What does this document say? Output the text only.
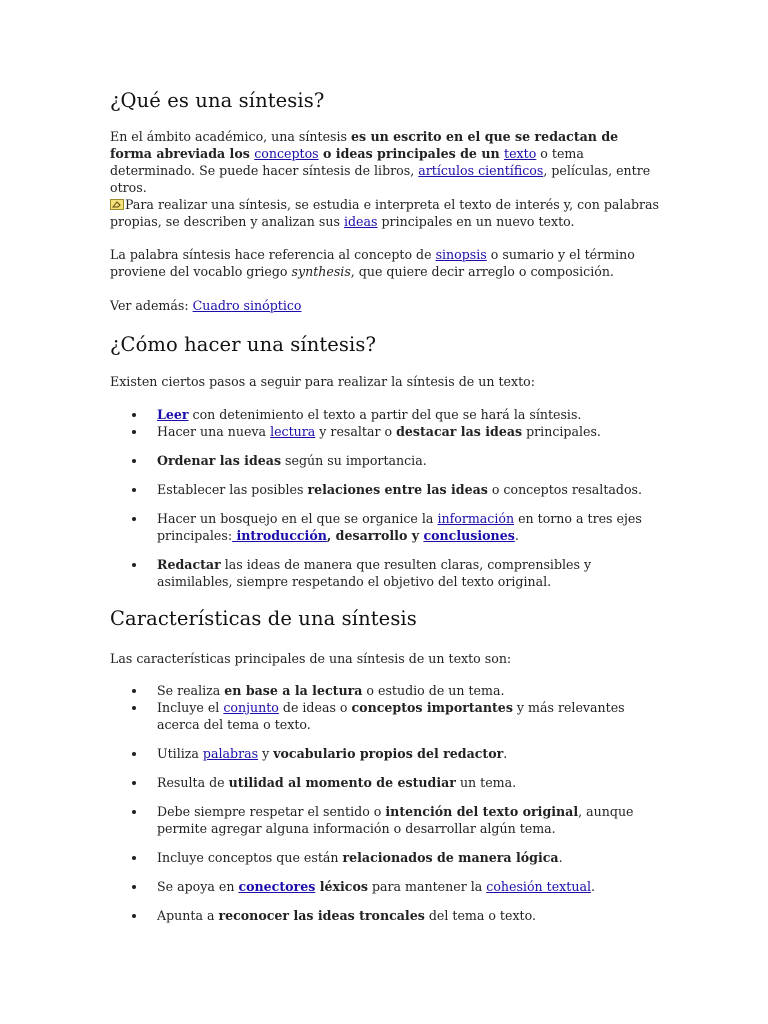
¿Qué es una síntesis?

En el ámbito académico, una síntesis es un escrito en el que se redactan de forma abreviada los conceptos o ideas principales de un texto o tema determinado. Se puede hacer síntesis de libros, artículos científicos, películas, entre otros.

Para realizar una síntesis, se estudia e interpreta el texto de interés y, con palabras propias, se describen y analizan sus ideas principales en un nuevo texto.

La palabra síntesis hace referencia al concepto de sinopsis o sumario y el término proviene del vocablo griego synthesis, que quiere decir arreglo o composición.

Ver además: Cuadro sinóptico

¿Cómo hacer una síntesis?

Existen ciertos pasos a seguir para realizar la síntesis de un texto:

Leer con detenimiento el texto a partir del que se hará la síntesis.
Hacer una nueva lectura y resaltar o destacar las ideas principales.
Ordenar las ideas según su importancia.
Establecer las posibles relaciones entre las ideas o conceptos resaltados.
Hacer un bosquejo en el que se organice la información en torno a tres ejes principales: introducción, desarrollo y conclusiones.
Redactar las ideas de manera que resulten claras, comprensibles y asimilables, siempre respetando el objetivo del texto original.
Características de una síntesis

Las características principales de una síntesis de un texto son:

Se realiza en base a la lectura o estudio de un tema.
Incluye el conjunto de ideas o conceptos importantes y más relevantes acerca del tema o texto.
Utiliza palabras y vocabulario propios del redactor.
Resulta de utilidad al momento de estudiar un tema.
Debe siempre respetar el sentido o intención del texto original, aunque permite agregar alguna información o desarrollar algún tema.
Incluye conceptos que están relacionados de manera lógica.
Se apoya en conectores léxicos para mantener la cohesión textual.
Apunta a reconocer las ideas troncales del tema o texto.
